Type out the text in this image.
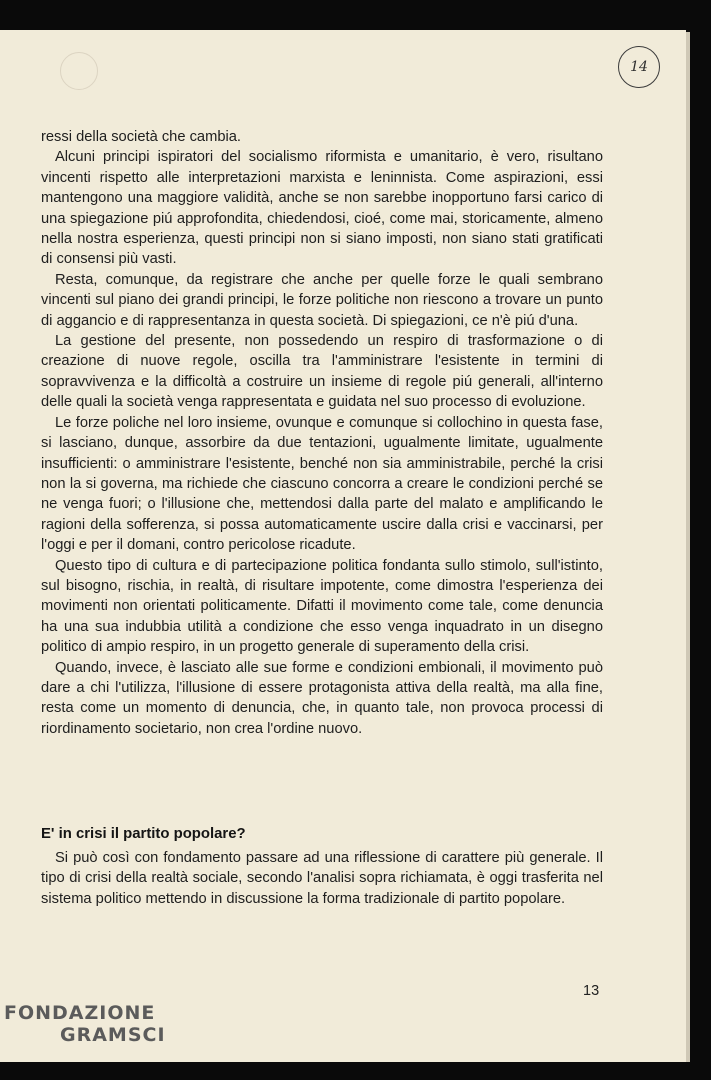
14

ressi della società che cambia.

Alcuni principi ispiratori del socialismo riformista e umanitario, è vero, risultano vincenti rispetto alle interpretazioni marxista e leninnista. Come aspirazioni, essi mantengono una maggiore validità, anche se non sarebbe inopportuno farsi carico di una spiegazione piú approfondita, chiedendosi, cioé, come mai, storicamente, almeno nella nostra esperienza, questi principi non si siano imposti, non siano stati gratificati di consensi più vasti.

Resta, comunque, da registrare che anche per quelle forze le quali sembrano vincenti sul piano dei grandi principi, le forze politiche non riescono a trovare un punto di aggancio e di rappresentanza in questa società. Di spiegazioni, ce n'è piú d'una.

La gestione del presente, non possedendo un respiro di trasformazione o di creazione di nuove regole, oscilla tra l'amministrare l'esistente in termini di sopravvivenza e la difficoltà a costruire un insieme di regole piú generali, all'interno delle quali la società venga rappresentata e guidata nel suo processo di evoluzione.

Le forze poliche nel loro insieme, ovunque e comunque si collochino in questa fase, si lasciano, dunque, assorbire da due tentazioni, ugualmente limitate, ugualmente insufficienti: o amministrare l'esistente, benché non sia amministrabile, perché la crisi non la si governa, ma richiede che ciascuno concorra a creare le condizioni perché se ne venga fuori; o l'illusione che, mettendosi dalla parte del malato e amplificando le ragioni della sofferenza, si possa automaticamente uscire dalla crisi e vaccinarsi, per l'oggi e per il domani, contro pericolose ricadute.

Questo tipo di cultura e di partecipazione politica fondanta sullo stimolo, sull'istinto, sul bisogno, rischia, in realtà, di risultare impotente, come dimostra l'esperienza dei movimenti non orientati politicamente. Difatti il movimento come tale, come denuncia ha una sua indubbia utilità a condizione che esso venga inquadrato in un disegno politico di ampio respiro, in un progetto generale di superamento della crisi.

Quando, invece, è lasciato alle sue forme e condizioni embionali, il movimento può dare a chi l'utilizza, l'illusione di essere protagonista attiva della realtà, ma alla fine, resta come un momento di denuncia, che, in quanto tale, non provoca processi di riordinamento societario, non crea l'ordine nuovo.

E' in crisi il partito popolare?

Si può così con fondamento passare ad una riflessione di carattere più generale. Il tipo di crisi della realtà sociale, secondo l'analisi sopra richiamata, è oggi trasferita nel sistema politico mettendo in discussione la forma tradizionale di partito popolare.

13
FONDAZIONE
GRAMSCI
